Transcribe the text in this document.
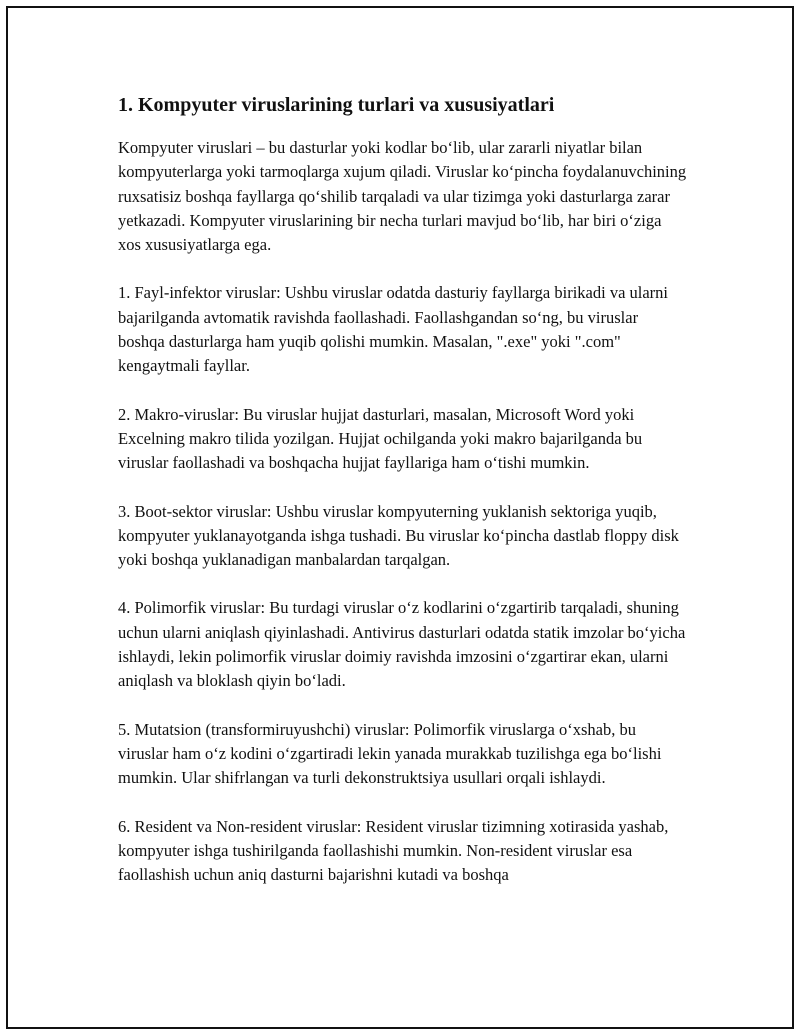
1. Kompyuter viruslarining turlari va xususiyatlari

Kompyuter viruslari – bu dasturlar yoki kodlar bo‘lib, ular zararli niyatlar bilan kompyuterlarga yoki tarmoqlarga xujum qiladi. Viruslar ko‘pincha foydalanuvchining ruxsatisiz boshqa fayllarga qo‘shilib tarqaladi va ular tizimga yoki dasturlarga zarar yetkazadi. Kompyuter viruslarining bir necha turlari mavjud bo‘lib, har biri o‘ziga xos xususiyatlarga ega.

1. Fayl-infektor viruslar: Ushbu viruslar odatda dasturiy fayllarga birikadi va ularni bajarilganda avtomatik ravishda faollashadi. Faollashgandan so‘ng, bu viruslar boshqa dasturlarga ham yuqib qolishi mumkin. Masalan, ".exe" yoki ".com" kengaytmali fayllar.

2. Makro-viruslar: Bu viruslar hujjat dasturlari, masalan, Microsoft Word yoki Excelning makro tilida yozilgan. Hujjat ochilganda yoki makro bajarilganda bu viruslar faollashadi va boshqacha hujjat fayllariga ham o‘tishi mumkin.

3. Boot-sektor viruslar: Ushbu viruslar kompyuterning yuklanish sektoriga yuqib, kompyuter yuklanayotganda ishga tushadi. Bu viruslar ko‘pincha dastlab floppy disk yoki boshqa yuklanadigan manbalardan tarqalgan.

4. Polimorfik viruslar: Bu turdagi viruslar o‘z kodlarini o‘zgartirib tarqaladi, shuning uchun ularni aniqlash qiyinlashadi. Antivirus dasturlari odatda statik imzolar bo‘yicha ishlaydi, lekin polimorfik viruslar doimiy ravishda imzosini o‘zgartirar ekan, ularni aniqlash va bloklash qiyin bo‘ladi.

5. Mutatsion (transformiruyushchi) viruslar: Polimorfik viruslarga o‘xshab, bu viruslar ham o‘z kodini o‘zgartiradi lekin yanada murakkab tuzilishga ega bo‘lishi mumkin. Ular shifrlangan va turli dekonstruktsiya usullari orqali ishlaydi.

6. Resident va Non-resident viruslar: Resident viruslar tizimning xotirasida yashab, kompyuter ishga tushirilganda faollashishi mumkin. Non-resident viruslar esa faollashish uchun aniq dasturni bajarishni kutadi va boshqa
